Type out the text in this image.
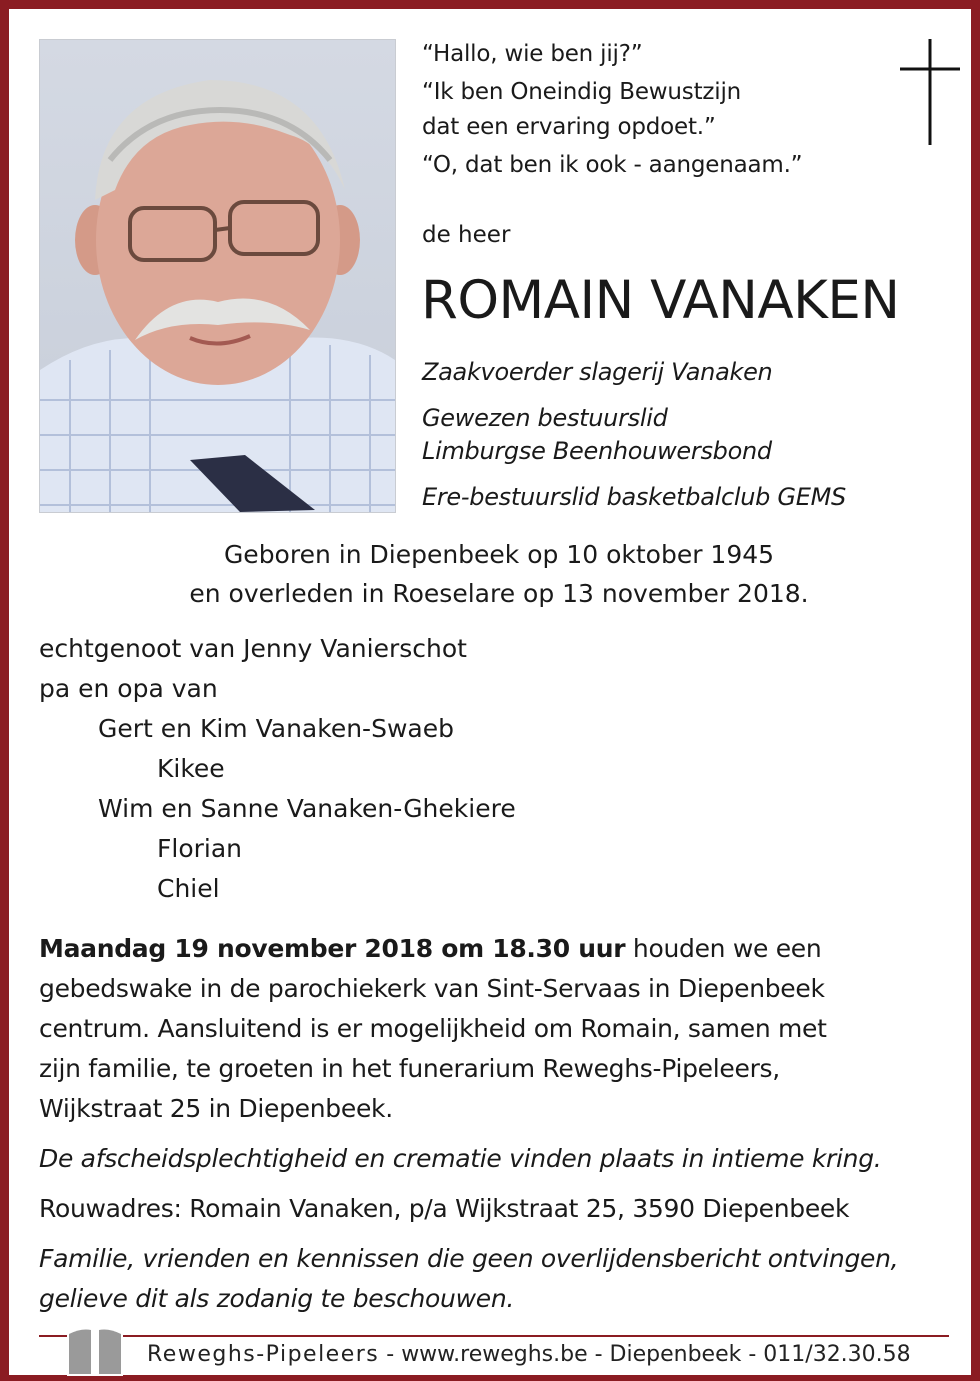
“Hallo, wie ben jij?”
“Ik ben Oneindig Bewustzijn
dat een ervaring opdoet.”
“O, dat ben ik ook - aangenaam.”
de heer
ROMAIN VANAKEN
Zaakvoerder slagerij Vanaken
Gewezen bestuurslid
Limburgse Beenhouwersbond
Ere-bestuurslid basketbalclub GEMS
Geboren in Diepenbeek op 10 oktober 1945
en overleden in Roeselare op 13 november 2018.
echtgenoot van Jenny Vanierschot
pa en opa van
Gert en Kim Vanaken-Swaeb
Kikee
Wim en Sanne Vanaken-Ghekiere
Florian
Chiel
Maandag 19 november 2018 om 18.30 uur houden we een
gebedswake in de parochiekerk van Sint-Servaas in Diepenbeek
centrum. Aansluitend is er mogelijkheid om Romain, samen met
zijn familie, te groeten in het funerarium Reweghs-Pipeleers,
Wijkstraat 25 in Diepenbeek.
De afscheidsplechtigheid en crematie vinden plaats in intieme kring.
Rouwadres: Romain Vanaken, p/a Wijkstraat 25, 3590 Diepenbeek
Familie, vrienden en kennissen die geen overlijdensbericht ontvingen,
gelieve dit als zodanig te beschouwen.
Reweghs-Pipeleers - www.reweghs.be - Diepenbeek - 011/32.30.58
